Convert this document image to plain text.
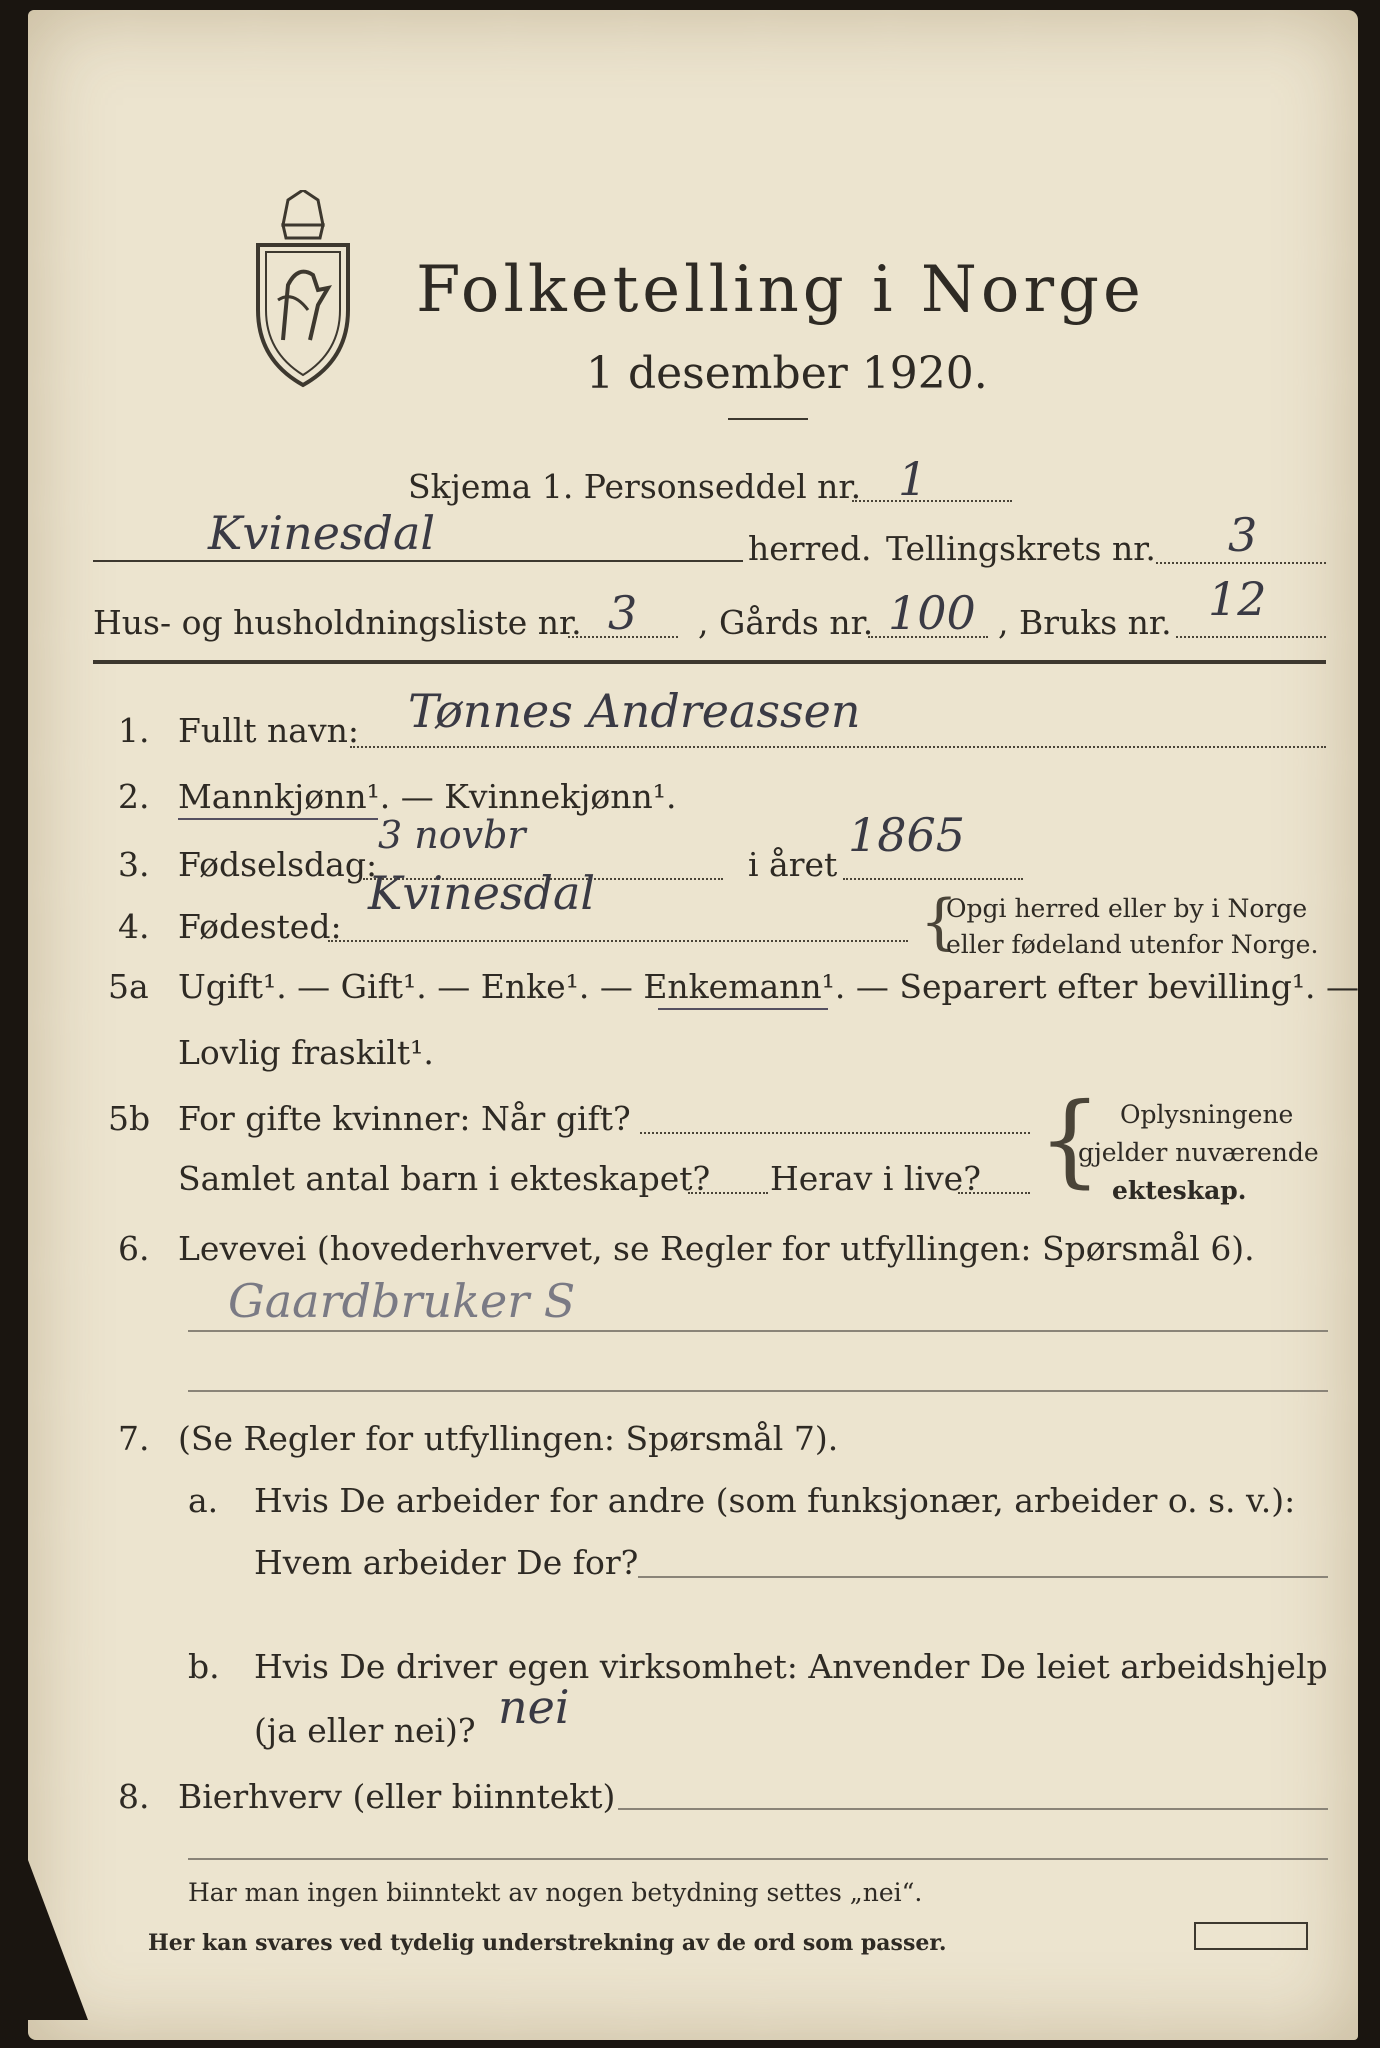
Folketelling i Norge
1 desember 1920.
Skjema 1. Personseddel nr. 1
Kvinesdal	herred. Tellingskrets nr. 3
Hus- og husholdningsliste nr. 3 , Gårds nr. 100 , Bruks nr. 12
1. Fullt navn: Tønnes Andreassen
2. Mannkjønn¹. — Kvinnekjønn¹.
3. Fødselsdag:
3 novbr
i året
1865
4. Fødested:
Kvinesdal	{
Opgi herred eller by i Norge
eller fødeland utenfor Norge.
5a Ugift¹. — Gift¹. — Enke¹. — Enkemann¹. — Separert efter bevilling¹. —
Lovlig fraskilt¹.
5b For gifte kvinner: Når gift?
Samlet antal barn i ekteskapet? Herav i live? { Oplysningene
gjelder nuværende
ekteskap.
6. Levevei (hovederhvervet, se Regler for utfyllingen: Spørsmål 6).
Gaardbruker S
7. (Se Regler for utfyllingen: Spørsmål 7).
a. Hvis De arbeider for andre (som funksjonær, arbeider o. s. v.):
Hvem arbeider De for?
b. Hvis De driver egen virksomhet: Anvender De leiet arbeidshjelp
(ja eller nei)? nei
8. Bierhverv (eller biinntekt)
Har man ingen biinntekt av nogen betydning settes „nei“.
Her kan svares ved tydelig understrekning av de ord som passer.
